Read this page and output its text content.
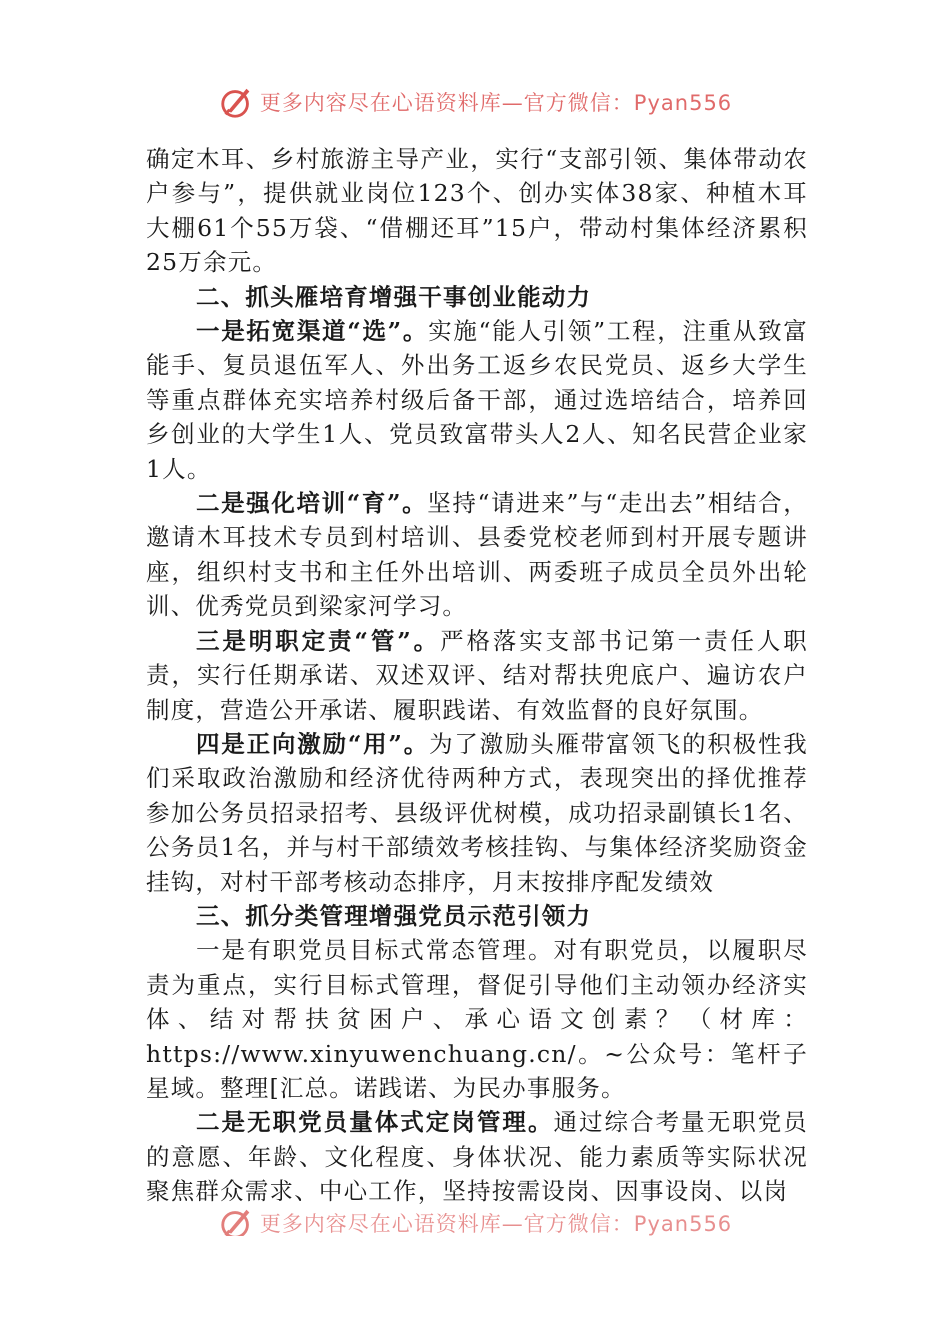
更多内容尽在心语资料库—官方微信：Pyan556

确定木耳、乡村旅游主导产业，实行“支部引领、集体带动农户参与”，提供就业岗位123个、创办实体38家、种植木耳大棚61个55万袋、“借棚还耳”15户，带动村集体经济累积25万余元。

二、抓头雁培育增强干事创业能动力

一是拓宽渠道“选”。实施“能人引领”工程，注重从致富能手、复员退伍军人、外出务工返乡农民党员、返乡大学生等重点群体充实培养村级后备干部，通过选培结合，培养回乡创业的大学生1人、党员致富带头人2人、知名民营企业家1人。

二是强化培训“育”。坚持“请进来”与“走出去”相结合，邀请木耳技术专员到村培训、县委党校老师到村开展专题讲座，组织村支书和主任外出培训、两委班子成员全员外出轮训、优秀党员到梁家河学习。

三是明职定责“管”。严格落实支部书记第一责任人职责，实行任期承诺、双述双评、结对帮扶兜底户、遍访农户制度，营造公开承诺、履职践诺、有效监督的良好氛围。

四是正向激励“用”。为了激励头雁带富领飞的积极性我们采取政治激励和经济优待两种方式，表现突出的择优推荐参加公务员招录招考、县级评优树模，成功招录副镇长1名、公务员1名，并与村干部绩效考核挂钩、与集体经济奖励资金挂钩，对村干部考核动态排序，月末按排序配发绩效

三、抓分类管理增强党员示范引领力

一是有职党员目标式常态管理。对有职党员，以履职尽责为重点，实行目标式管理，督促引导他们主动领办经济实体、结对帮扶贫困户、承心语文创素？（材库：https://www.xinyuwenchuang.cn/。~公众号：笔杆子星域。整理[汇总。诺践诺、为民办事服务。

二是无职党员量体式定岗管理。通过综合考量无职党员的意愿、年龄、文化程度、身体状况、能力素质等实际状况聚焦群众需求、中心工作，坚持按需设岗、因事设岗、以岗

更多内容尽在心语资料库—官方微信：Pyan556
